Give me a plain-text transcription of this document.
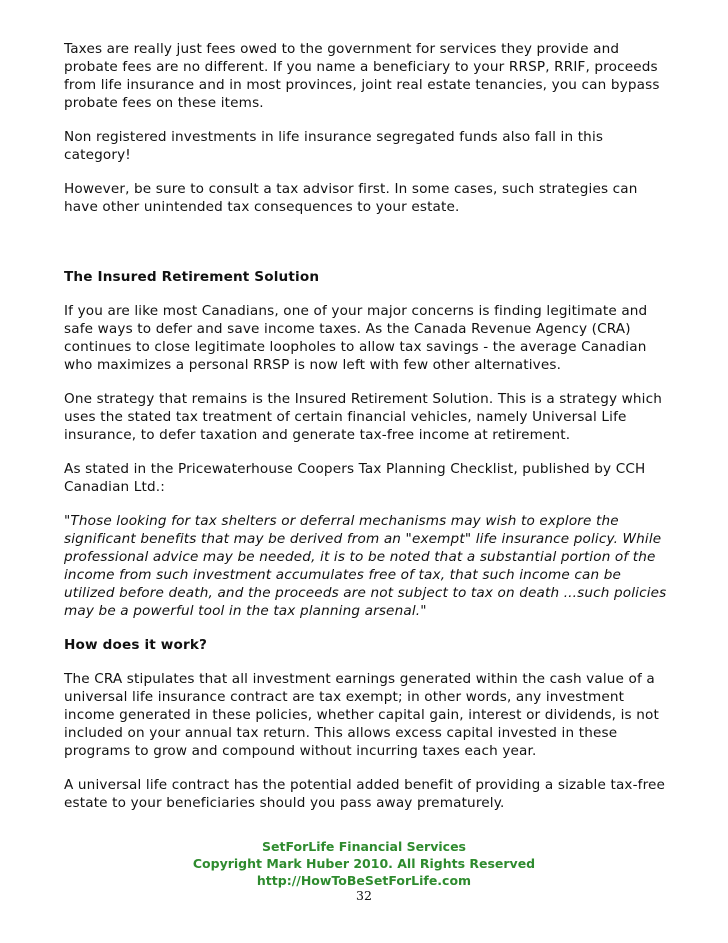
Taxes are really just fees owed to the government for services they provide and probate fees are no different. If you name a beneficiary to your RRSP, RRIF, proceeds from life insurance and in most provinces, joint real estate tenancies, you can bypass probate fees on these items.

Non registered investments in life insurance segregated funds also fall in this category!

However, be sure to consult a tax advisor first. In some cases, such strategies can have other unintended tax consequences to your estate.

The Insured Retirement Solution

If you are like most Canadians, one of your major concerns is finding legitimate and safe ways to defer and save income taxes. As the Canada Revenue Agency (CRA) continues to close legitimate loopholes to allow tax savings - the average Canadian who maximizes a personal RRSP is now left with few other alternatives.

One strategy that remains is the Insured Retirement Solution. This is a strategy which uses the stated tax treatment of certain financial vehicles, namely Universal Life insurance, to defer taxation and generate tax-free income at retirement.

As stated in the Pricewaterhouse Coopers Tax Planning Checklist, published by CCH Canadian Ltd.:

"Those looking for tax shelters or deferral mechanisms may wish to explore the significant benefits that may be derived from an "exempt" life insurance policy. While professional advice may be needed, it is to be noted that a substantial portion of the income from such investment accumulates free of tax, that such income can be utilized before death, and the proceeds are not subject to tax on death ...such policies may be a powerful tool in the tax planning arsenal."

How does it work?

The CRA stipulates that all investment earnings generated within the cash value of a universal life insurance contract are tax exempt; in other words, any investment income generated in these policies, whether capital gain, interest or dividends, is not included on your annual tax return. This allows excess capital invested in these programs to grow and compound without incurring taxes each year.

A universal life contract has the potential added benefit of providing a sizable tax-free estate to your beneficiaries should you pass away prematurely.

SetForLife Financial Services
Copyright Mark Huber 2010. All Rights Reserved
http://HowToBeSetForLife.com
32
